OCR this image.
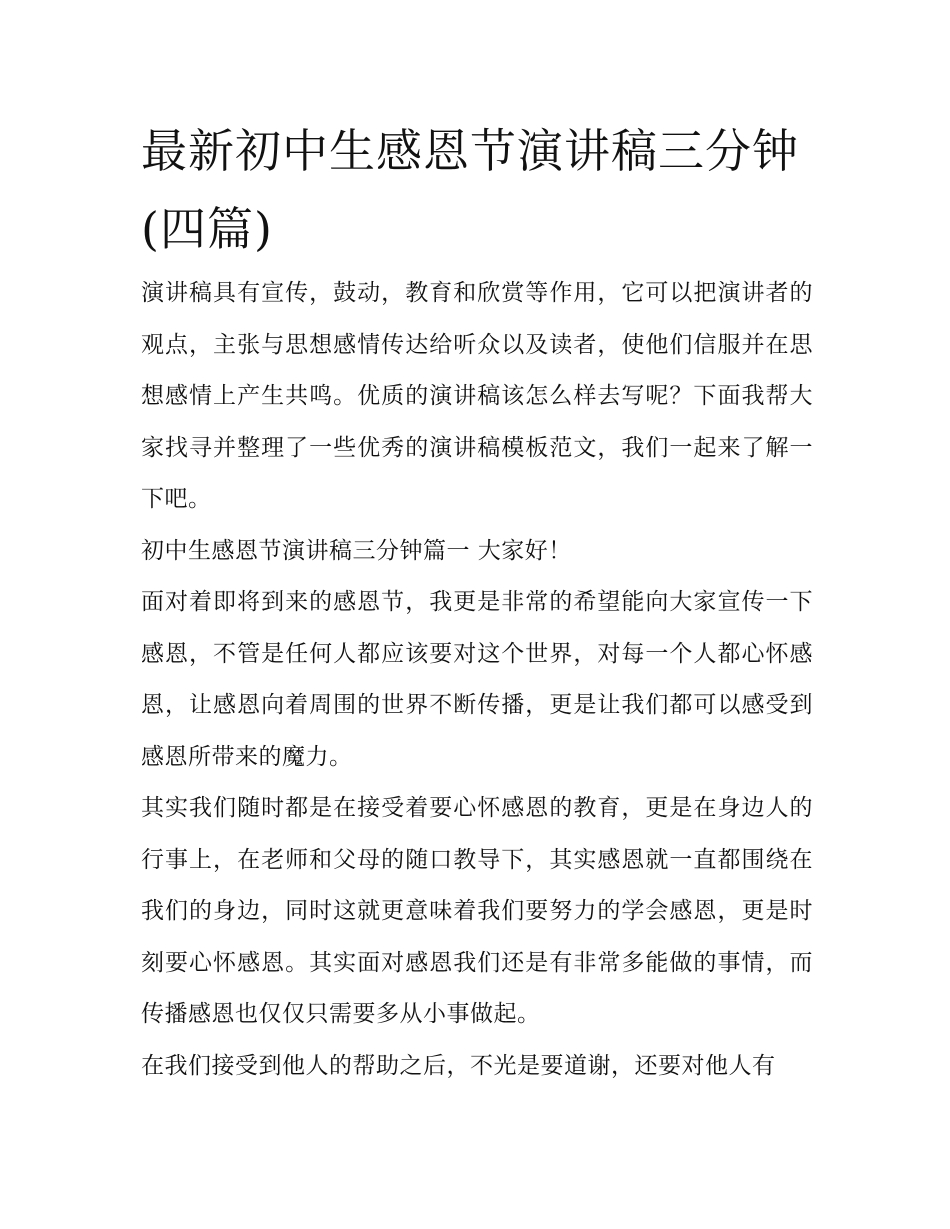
最新初中生感恩节演讲稿三分钟(四篇)

演讲稿具有宣传，鼓动，教育和欣赏等作用，它可以把演讲者的观点，主张与思想感情传达给听众以及读者，使他们信服并在思想感情上产生共鸣。优质的演讲稿该怎么样去写呢？下面我帮大家找寻并整理了一些优秀的演讲稿模板范文，我们一起来了解一下吧。

初中生感恩节演讲稿三分钟篇一 大家好！

面对着即将到来的感恩节，我更是非常的希望能向大家宣传一下感恩，不管是任何人都应该要对这个世界，对每一个人都心怀感恩，让感恩向着周围的世界不断传播，更是让我们都可以感受到感恩所带来的魔力。

其实我们随时都是在接受着要心怀感恩的教育，更是在身边人的行事上，在老师和父母的随口教导下，其实感恩就一直都围绕在我们的身边，同时这就更意味着我们要努力的学会感恩，更是时刻要心怀感恩。其实面对感恩我们还是有非常多能做的事情，而传播感恩也仅仅只需要多从小事做起。

在我们接受到他人的帮助之后，不光是要道谢，还要对他人有
